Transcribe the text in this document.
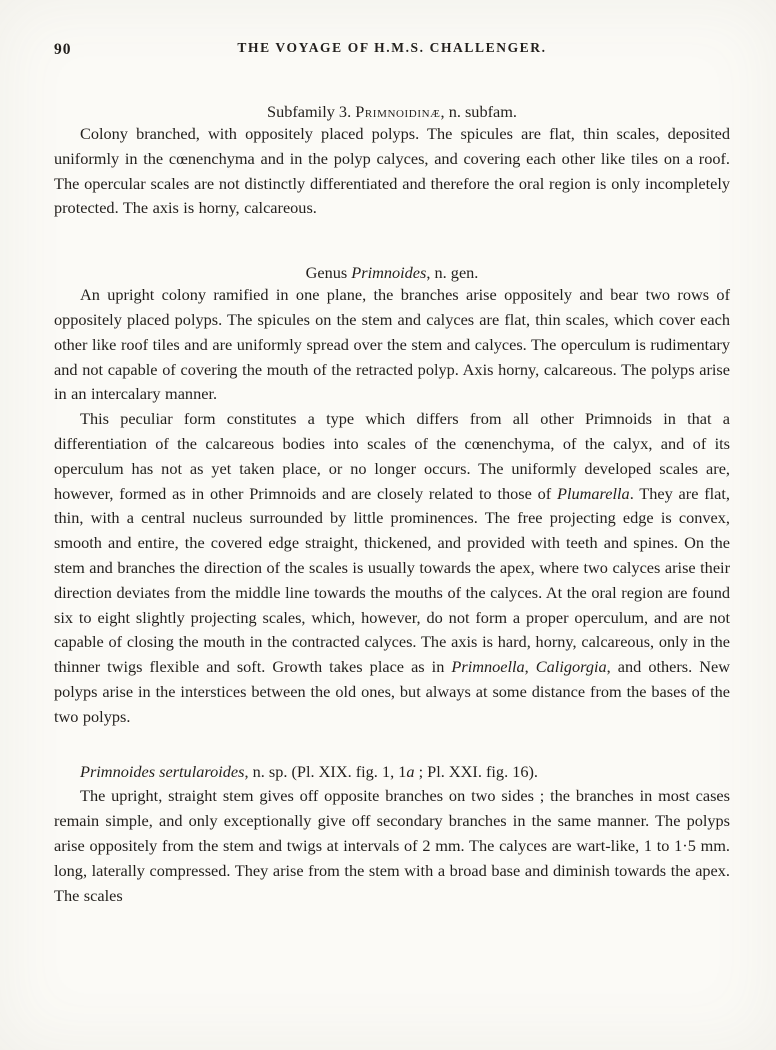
90	THE VOYAGE OF H.M.S. CHALLENGER.
Subfamily 3. Primnoidinæ, n. subfam.

Colony branched, with oppositely placed polyps. The spicules are flat, thin scales, deposited uniformly in the cœnenchyma and in the polyp calyces, and covering each other like tiles on a roof. The opercular scales are not distinctly differentiated and therefore the oral region is only incompletely protected. The axis is horny, calcareous.

Genus Primnoides, n. gen.

An upright colony ramified in one plane, the branches arise oppositely and bear two rows of oppositely placed polyps. The spicules on the stem and calyces are flat, thin scales, which cover each other like roof tiles and are uniformly spread over the stem and calyces. The operculum is rudimentary and not capable of covering the mouth of the retracted polyp. Axis horny, calcareous. The polyps arise in an intercalary manner.

This peculiar form constitutes a type which differs from all other Primnoids in that a differentiation of the calcareous bodies into scales of the cœnenchyma, of the calyx, and of its operculum has not as yet taken place, or no longer occurs. The uniformly developed scales are, however, formed as in other Primnoids and are closely related to those of Plumarella. They are flat, thin, with a central nucleus surrounded by little prominences. The free projecting edge is convex, smooth and entire, the covered edge straight, thickened, and provided with teeth and spines. On the stem and branches the direction of the scales is usually towards the apex, where two calyces arise their direction deviates from the middle line towards the mouths of the calyces. At the oral region are found six to eight slightly projecting scales, which, however, do not form a proper operculum, and are not capable of closing the mouth in the contracted calyces. The axis is hard, horny, calcareous, only in the thinner twigs flexible and soft. Growth takes place as in Primnoella, Caligorgia, and others. New polyps arise in the interstices between the old ones, but always at some distance from the bases of the two polyps.

Primnoides sertularoides, n. sp. (Pl. XIX. fig. 1, 1a ; Pl. XXI. fig. 16).

The upright, straight stem gives off opposite branches on two sides ; the branches in most cases remain simple, and only exceptionally give off secondary branches in the same manner. The polyps arise oppositely from the stem and twigs at intervals of 2 mm. The calyces are wart-like, 1 to 1·5 mm. long, laterally compressed. They arise from the stem with a broad base and diminish towards the apex. The scales
